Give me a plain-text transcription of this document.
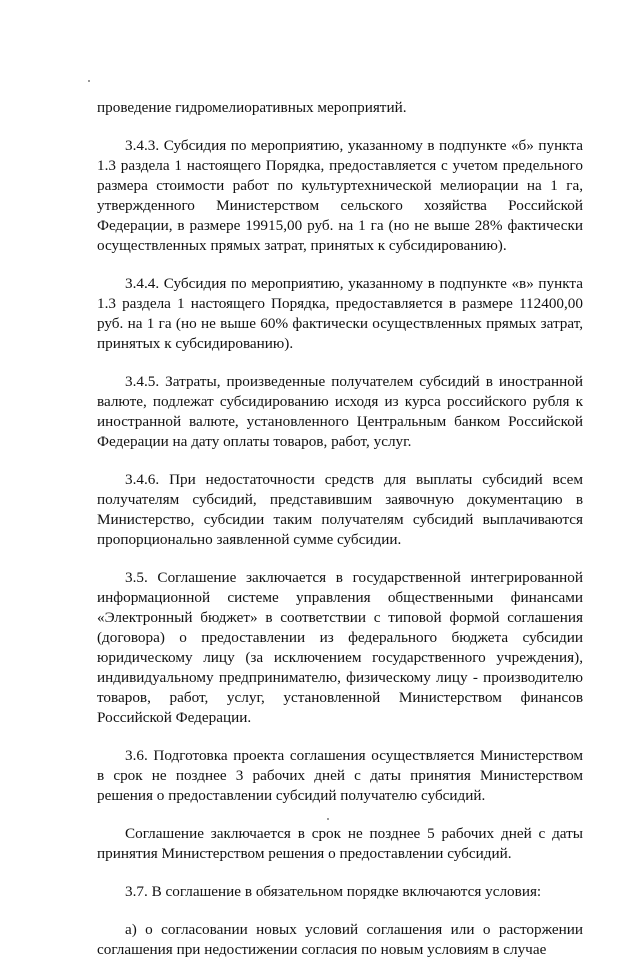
проведение гидромелиоративных мероприятий.

3.4.3. Субсидия по мероприятию, указанному в подпункте «б» пункта 1.3 раздела 1 настоящего Порядка, предоставляется с учетом предельного размера стоимости работ по культуртехнической мелиорации на 1 га, утвержденного Министерством сельского хозяйства Российской Федерации, в размере 19915,00 руб. на 1 га (но не выше 28% фактически осуществленных прямых затрат, принятых к субсидированию).

3.4.4. Субсидия по мероприятию, указанному в подпункте «в» пункта 1.3 раздела 1 настоящего Порядка, предоставляется в размере 112400,00 руб. на 1 га (но не выше 60% фактически осуществленных прямых затрат, принятых к субсидированию).

3.4.5. Затраты, произведенные получателем субсидий в иностранной валюте, подлежат субсидированию исходя из курса российского рубля к иностранной валюте, установленного Центральным банком Российской Федерации на дату оплаты товаров, работ, услуг.

3.4.6. При недостаточности средств для выплаты субсидий всем получателям субсидий, представившим заявочную документацию в Министерство, субсидии таким получателям субсидий выплачиваются пропорционально заявленной сумме субсидии.

3.5. Соглашение заключается в государственной интегрированной информационной системе управления общественными финансами «Электронный бюджет» в соответствии с типовой формой соглашения (договора) о предоставлении из федерального бюджета субсидии юридическому лицу (за исключением государственного учреждения), индивидуальному предпринимателю, физическому лицу - производителю товаров, работ, услуг, установленной Министерством финансов Российской Федерации.

3.6. Подготовка проекта соглашения осуществляется Министерством в срок не позднее 3 рабочих дней с даты принятия Министерством решения о предоставлении субсидий получателю субсидий.

Соглашение заключается в срок не позднее 5 рабочих дней с даты принятия Министерством решения о предоставлении субсидий.

3.7. В соглашение в обязательном порядке включаются условия:

а) о согласовании новых условий соглашения или о расторжении соглашения при недостижении согласия по новым условиям в случае
